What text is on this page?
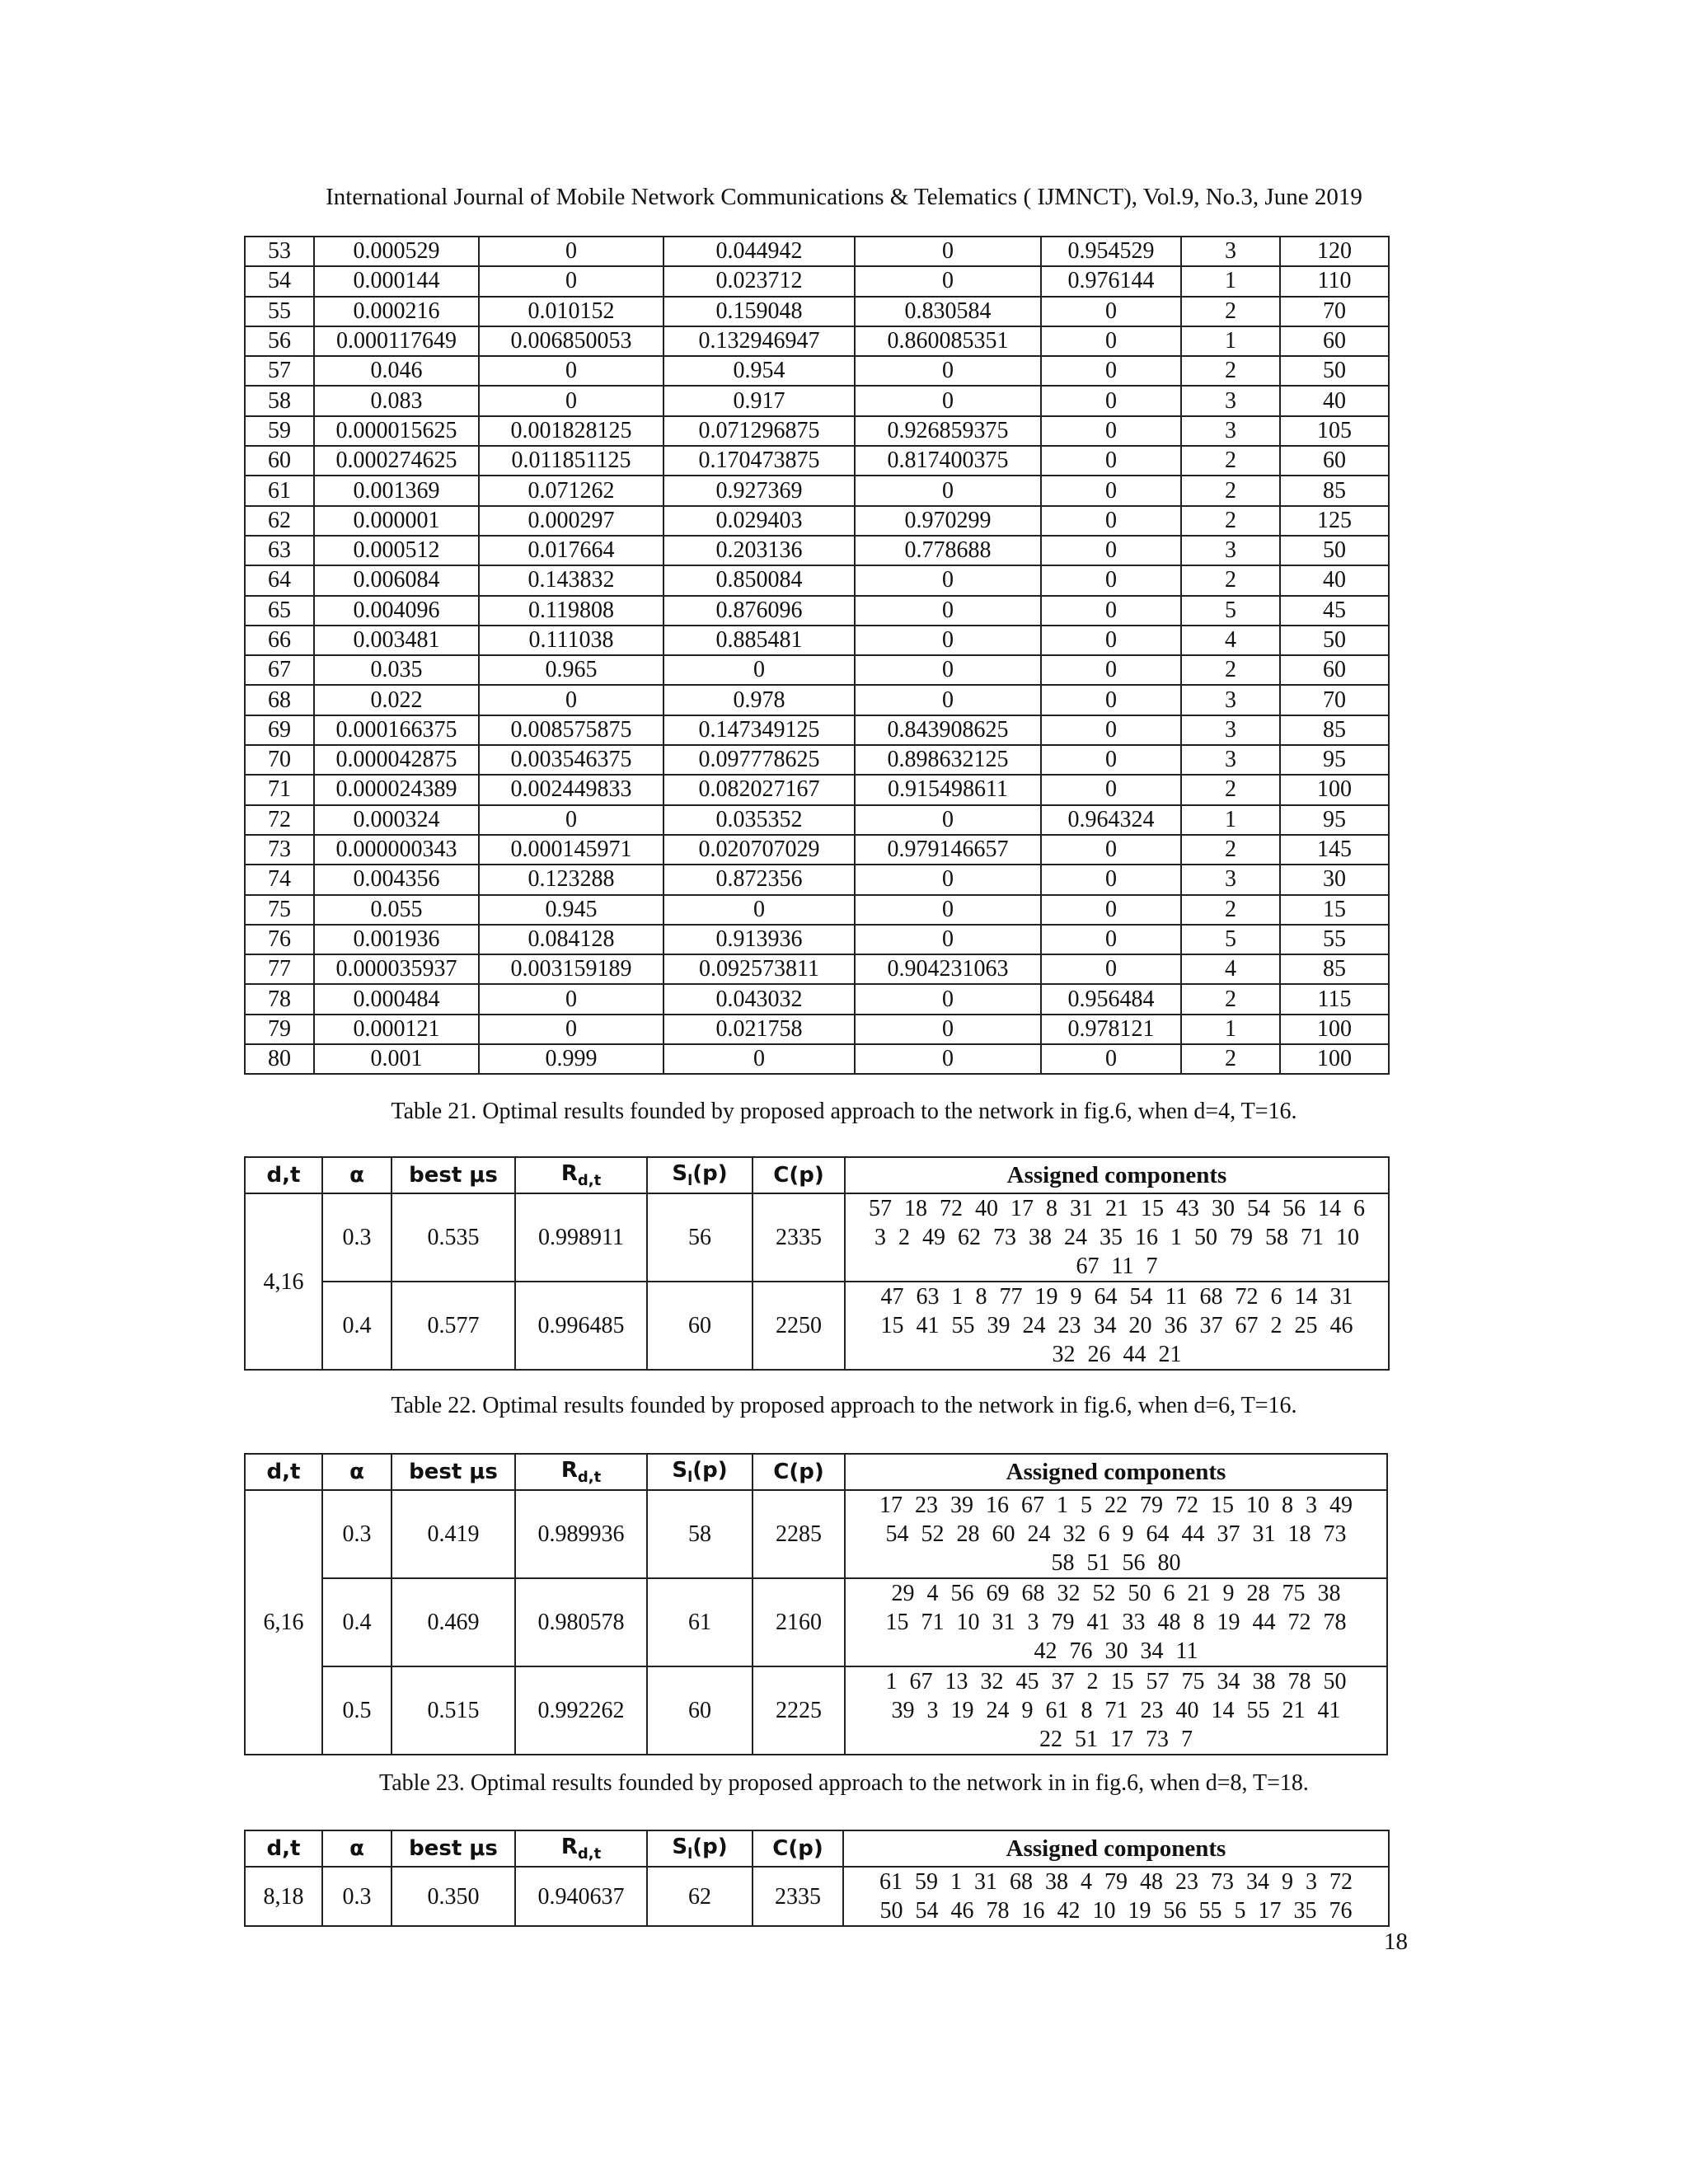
International Journal of Mobile Network Communications & Telematics ( IJMNCT), Vol.9, No.3, June 2019
53	0.000529	0	0.044942	0	0.954529	3	120
54	0.000144	0	0.023712	0	0.976144	1	110
55	0.000216	0.010152	0.159048	0.830584	0	2	70
56	0.000117649	0.006850053	0.132946947	0.860085351	0	1	60
57	0.046	0	0.954	0	0	2	50
58	0.083	0	0.917	0	0	3	40
59	0.000015625	0.001828125	0.071296875	0.926859375	0	3	105
60	0.000274625	0.011851125	0.170473875	0.817400375	0	2	60
61	0.001369	0.071262	0.927369	0	0	2	85
62	0.000001	0.000297	0.029403	0.970299	0	2	125
63	0.000512	0.017664	0.203136	0.778688	0	3	50
64	0.006084	0.143832	0.850084	0	0	2	40
65	0.004096	0.119808	0.876096	0	0	5	45
66	0.003481	0.111038	0.885481	0	0	4	50
67	0.035	0.965	0	0	0	2	60
68	0.022	0	0.978	0	0	3	70
69	0.000166375	0.008575875	0.147349125	0.843908625	0	3	85
70	0.000042875	0.003546375	0.097778625	0.898632125	0	3	95
71	0.000024389	0.002449833	0.082027167	0.915498611	0	2	100
72	0.000324	0	0.035352	0	0.964324	1	95
73	0.000000343	0.000145971	0.020707029	0.979146657	0	2	145
74	0.004356	0.123288	0.872356	0	0	3	30
75	0.055	0.945	0	0	0	2	15
76	0.001936	0.084128	0.913936	0	0	5	55
77	0.000035937	0.003159189	0.092573811	0.904231063	0	4	85
78	0.000484	0	0.043032	0	0.956484	2	115
79	0.000121	0	0.021758	0	0.978121	1	100
80	0.001	0.999	0	0	0	2	100
Table 21. Optimal results founded by proposed approach to the network in fig.6, when d=4, T=16.
d,t	α	best μs	$R_{d,t}$	$S_l(p)$	C(p)	Assigned components
4,16	0.3	0.535	0.998911	56	2335	57 18 72 40 17 8 31 21 15 43 30 54 56 14 6
3 2 49 62 73 38 24 35 16 1 50 79 58 71 10
67 11 7

	0.4	0.577	0.996485	60	2250	47 63 1 8 77 19 9 64 54 11 68 72 6 14 31
15 41 55 39 24 23 34 20 36 37 67 2 25 46
32 26 44 21
Table 22. Optimal results founded by proposed approach to the network in fig.6, when d=6, T=16.
d,t	α	best μs	$R_{d,t}$	$S_l(p)$	C(p)	Assigned components
6,16	0.3	0.419	0.989936	58	2285	17 23 39 16 67 1 5 22 79 72 15 10 8 3 49
54 52 28 60 24 32 6 9 64 44 37 31 18 73
58 51 56 80

	0.4	0.469	0.980578	61	2160	29 4 56 69 68 32 52 50 6 21 9 28 75 38
15 71 10 31 3 79 41 33 48 8 19 44 72 78
42 76 30 34 11

	0.5	0.515	0.992262	60	2225	1 67 13 32 45 37 2 15 57 75 34 38 78 50
39 3 19 24 9 61 8 71 23 40 14 55 21 41
22 51 17 73 7
Table 23. Optimal results founded by proposed approach to the network in in fig.6, when d=8, T=18.
d,t	α	best μs	$R_{d,t}$	$S_l(p)$	C(p)	Assigned components
8,18	0.3	0.350	0.940637	62	2335	61 59 1 31 68 38 4 79 48 23 73 34 9 3 72
50 54 46 78 16 42 10 19 56 55 5 17 35 76
18
